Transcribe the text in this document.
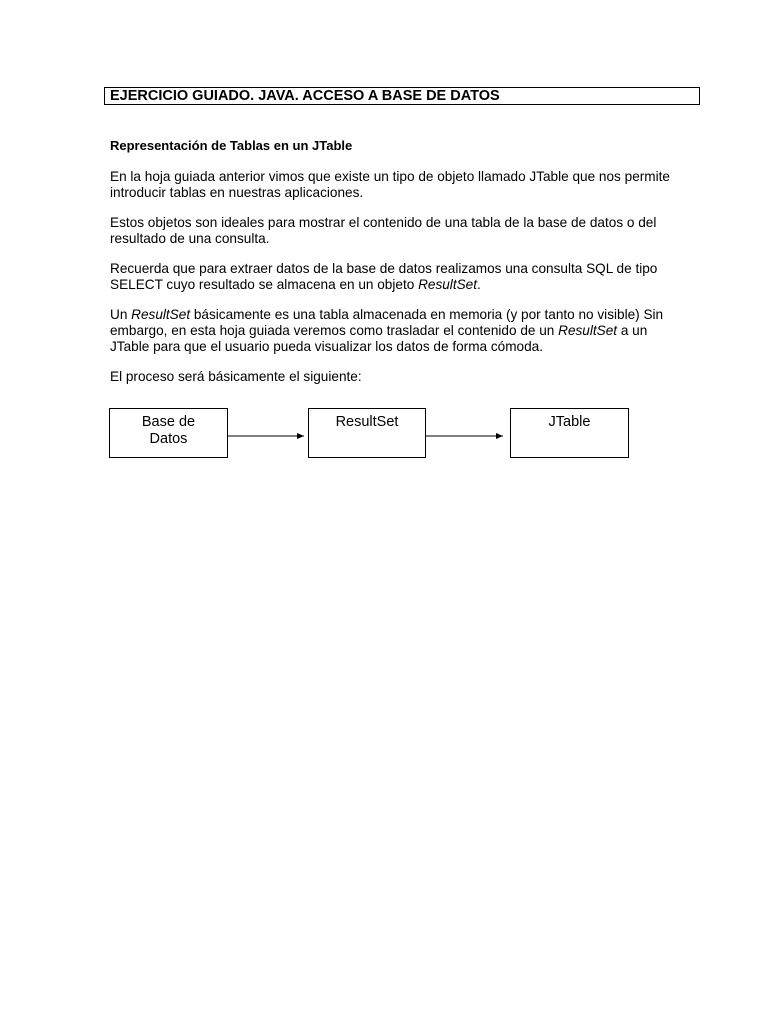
EJERCICIO GUIADO. JAVA. ACCESO A BASE DE DATOS
Representación de Tablas en un JTable
En la hoja guiada anterior vimos que existe un tipo de objeto llamado JTable que nos permite
introducir tablas en nuestras aplicaciones.
Estos objetos son ideales para mostrar el contenido de una tabla de la base de datos o del
resultado de una consulta.
Recuerda que para extraer datos de la base de datos realizamos una consulta SQL de tipo
SELECT cuyo resultado se almacena en un objeto ResultSet.
Un ResultSet básicamente es una tabla almacenada en memoria (y por tanto no visible) Sin
embargo, en esta hoja guiada veremos como trasladar el contenido de un ResultSet a un
JTable para que el usuario pueda visualizar los datos de forma cómoda.
El proceso será básicamente el siguiente:
Base de
Datos
ResultSet	JTable
